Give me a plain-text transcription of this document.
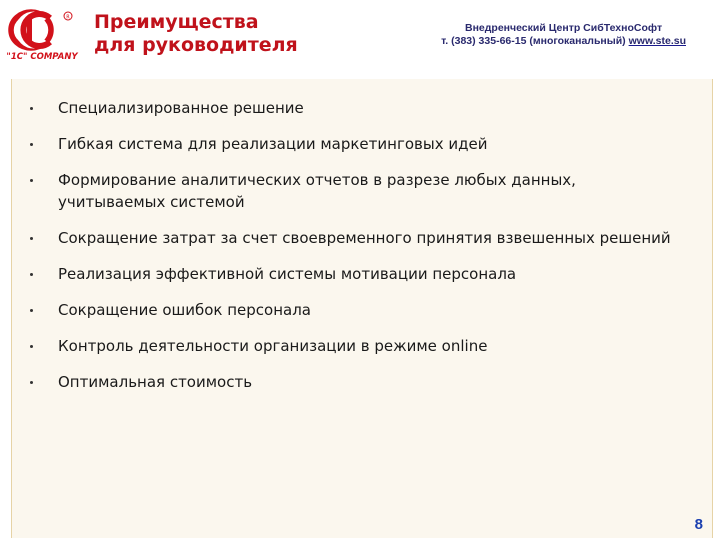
R
"1C" COMPANY
Преимущества
для руководителя
Внедренческий Центр СибТехноСофт
т. (383) 335-66-15 (многоканальный) www.ste.su
Специализированное решение
Гибкая система для реализации маркетинговых идей
Формирование аналитических отчетов в разрезе любых данных, учитываемых системой
Сокращение затрат за счет своевременного принятия взвешенных решений
Реализация эффективной системы мотивации персонала
Сокращение ошибок персонала
Контроль деятельности организации в режиме online
Оптимальная стоимость
8
